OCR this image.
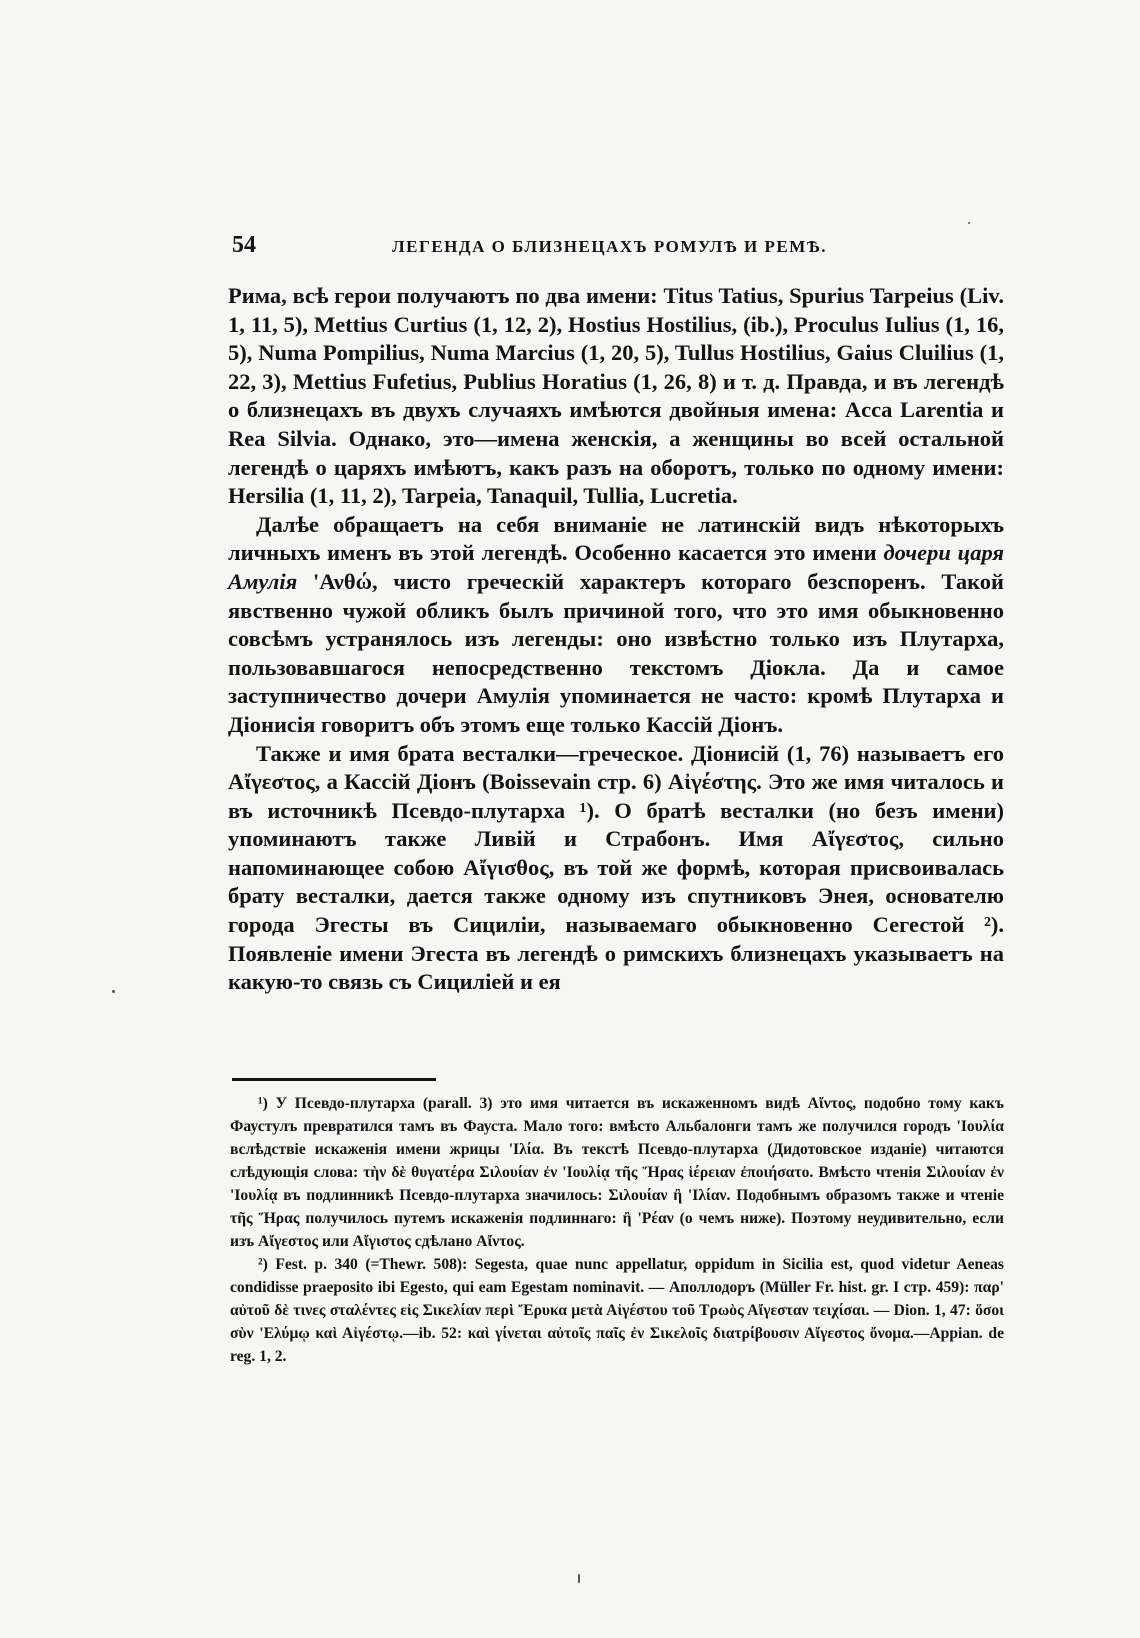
54	ЛЕГЕНДА О БЛИЗНЕЦАХЪ РОМУЛѢ И РЕМѢ.

Рима, всѣ герои получаютъ по два имени: Titus Tatius, Spurius Tarpeius (Liv. 1, 11, 5), Mettius Curtius (1, 12, 2), Hostius Hostilius, (ib.), Proculus Iulius (1, 16, 5), Numa Pompilius, Numa Marcius (1, 20, 5), Tullus Hostilius, Gaius Cluilius (1, 22, 3), Mettius Fufetius, Publius Horatius (1, 26, 8) и т. д. Правда, и въ легендѣ о близнецахъ въ двухъ случаяхъ имѣются двойныя имена: Acca Larentia и Rea Silvia. Однако, это—имена женскія, а женщины во всей остальной легендѣ о царяхъ имѣютъ, какъ разъ на оборотъ, только по одному имени: Hersilia (1, 11, 2), Tarpeia, Tanaquil, Tullia, Lucretia.

Далѣе обращаетъ на себя вниманіе не латинскій видъ нѣкоторыхъ личныхъ именъ въ этой легендѣ. Особенно касается это имени дочери царя Амулія 'Ανθώ, чисто греческій характеръ котораго безспоренъ. Такой явственно чужой обликъ былъ причиной того, что это имя обыкновенно совсѣмъ устранялось изъ легенды: оно извѣстно только изъ Плутарха, пользовавшагося непосредственно текстомъ Діокла. Да и самое заступничество дочери Амулія упоминается не часто: кромѣ Плутарха и Діонисія говоритъ объ этомъ еще только Кассій Діонъ.

Также и имя брата весталки—греческое. Діонисій (1, 76) называетъ его Αἴγεστος, а Кассій Діонъ (Boissevain стр. 6) Αἰγέστης. Это же имя читалось и въ источникѣ Псевдо-плутарха ¹). О братѣ весталки (но безъ имени) упоминаютъ также Ливій и Страбонъ. Имя Αἴγεστος, сильно напоминающее собою Αἴγισθος, въ той же формѣ, которая присвоивалась брату весталки, дается также одному изъ спутниковъ Энея, основателю города Эгесты въ Сициліи, называемаго обыкновенно Сегестой ²). Появленіе имени Эгеста въ легендѣ о римскихъ близнецахъ указываетъ на какую-то связь съ Сициліей и ея

¹) У Псевдо-плутарха (parall. 3) это имя читается въ искаженномъ видѣ Αἴντος, подобно тому какъ Фаустулъ превратился тамъ въ Фауста. Мало того: вмѣсто Альбалонги тамъ же получился городъ 'Ιουλία вслѣдствіе искаженія имени жрицы 'Ιλία. Въ текстѣ Псевдо-плутарха (Дидотовское изданіе) читаются слѣдующія слова: τὴν δὲ θυγατέρα Σιλουίαν ἐν 'Ιουλίᾳ τῆς Ἥρας ἱέρειαν ἐποιήσατο. Вмѣсто чтенія Σιλουίαν ἐν 'Ιουλίᾳ въ подлинникѣ Псевдо-плутарха значилось: Σιλουίαν ἢ 'Ιλίαν. Подобнымъ образомъ также и чтеніе τῆς Ἥρας получилось путемъ искаженія подлиннаго: ἢ 'Ρέαν (о чемъ ниже). Поэтому неудивительно, если изъ Αἴγεστος или Αἴγιστος сдѣлано Αἴντος.

²) Fest. p. 340 (=Thewr. 508): Segesta, quae nunc appellatur, oppidum in Sicilia est, quod videtur Aeneas condidisse praeposito ibi Egesto, qui eam Egestam nominavit. — Аполлодоръ (Müller Fr. hist. gr. I стр. 459): παρ' αὐτοῦ δὲ τινες σταλέντες εἰς Σικελίαν περὶ Ἔρυκα μετὰ Αἰγέστου τοῦ Τρωὸς Αἴγεσταν τειχίσαι. — Dion. 1, 47: ὅσοι σὺν 'Ελύμῳ καὶ Αἰγέστῳ.—ib. 52: καὶ γίνεται αὐτοῖς παῖς ἐν Σικελοῖς διατρίβουσιν Αἴγεστος ὄνομα.—Appian. de reg. 1, 2.
